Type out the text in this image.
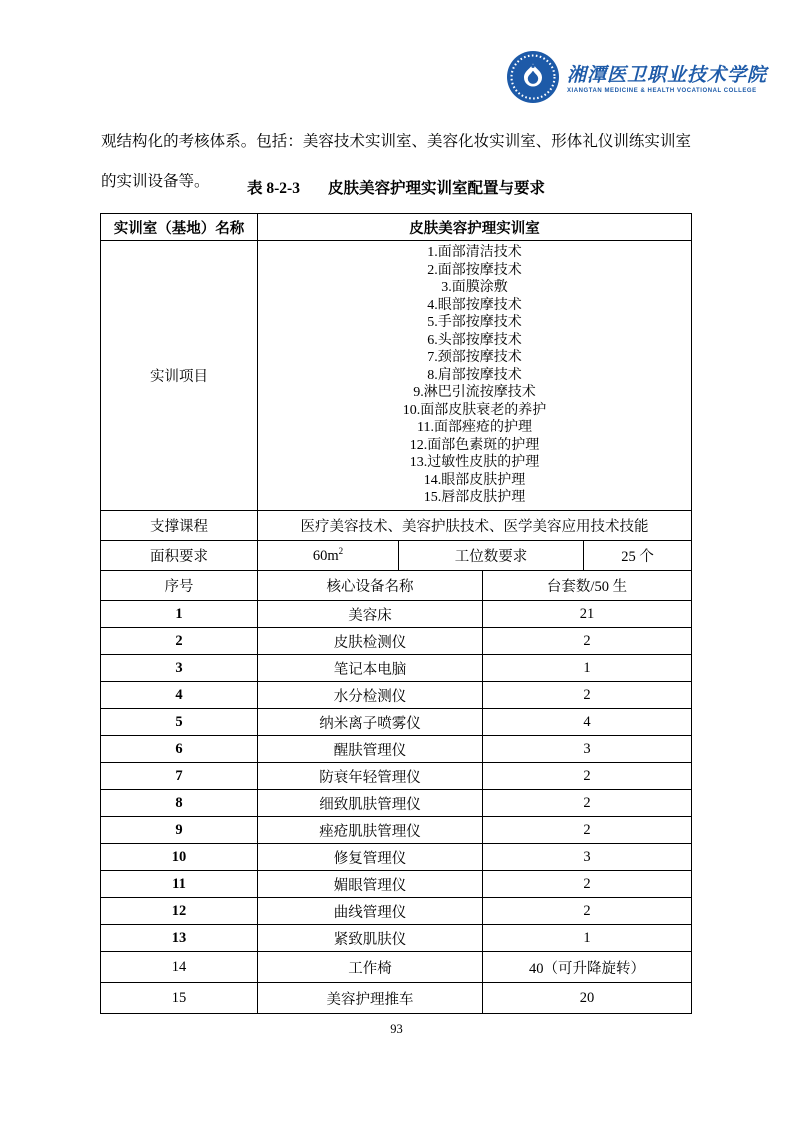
湘潭医卫职业技术学院
XIANGTAN MEDICINE & HEALTH VOCATIONAL COLLEGE

观结构化的考核体系。包括：美容技术实训室、美容化妆实训室、形体礼仪训练实训室的实训设备等。	表 8-2-3 皮肤美容护理实训室配置与要求
实训室（基地）名称	皮肤美容护理实训室			
实训项目	
1.面部清洁技术
2.面部按摩技术
3.面膜涂敷
4.眼部按摩技术
5.手部按摩技术
6.头部按摩技术
7.颈部按摩技术
8.肩部按摩技术
9.淋巴引流按摩技术
10.面部皮肤衰老的养护
11.面部痤疮的护理
12.面部色素斑的护理
13.过敏性皮肤的护理
14.眼部皮肤护理
15.唇部皮肤护理

支撑课程	医疗美容技术、美容护肤技术、医学美容应用技术技能			
面积要求	$60m^2$	工位数要求		25 个
序号	核心设备名称		台套数/50 生	
1	美容床		21	
2	皮肤检测仪		2	
3	笔记本电脑		1	
4	水分检测仪		2	
5	纳米离子喷雾仪		4	
6	醒肤管理仪		3	
7	防衰年轻管理仪		2	
8	细致肌肤管理仪		2	
9	痤疮肌肤管理仪		2	
10	修复管理仪		3	
11	媚眼管理仪		2	
12	曲线管理仪		2	
13	紧致肌肤仪		1	
14	工作椅		40（可升降旋转）	
15	美容护理推车		20	
93
